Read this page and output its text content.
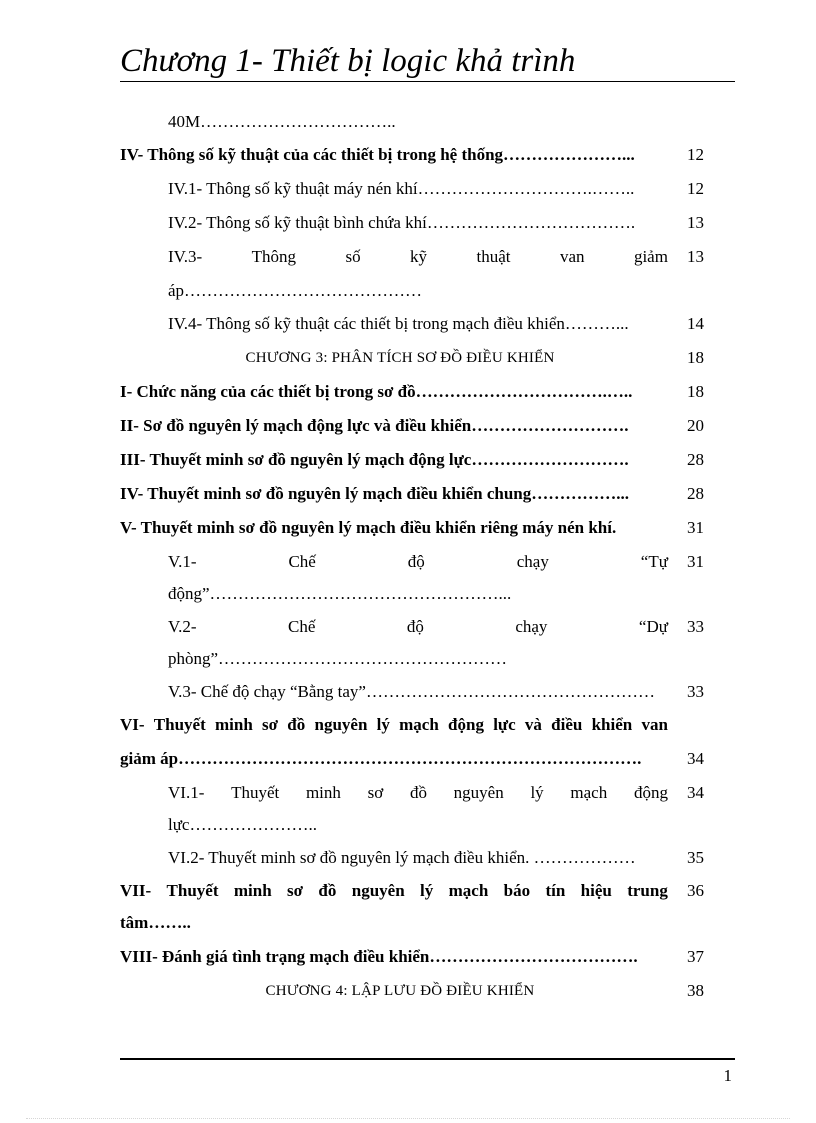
Chương 1- Thiết bị logic khả trình
40M……………………………..
IV- Thông số kỹ thuật của các thiết bị trong hệ thống…………………...	12
IV.1- Thông số kỹ thuật máy nén khí………………………….……..	12
IV.2- Thông số kỹ thuật bình chứa khí……………………………….	13
IV.3-	Thông	số	kỹ	thuật	van	giảm	13
áp……………………………………
IV.4- Thông số kỹ thuật các thiết bị trong mạch điều khiển………...	14
CHƯƠNG 3: PHÂN TÍCH SƠ ĐỒ ĐIỀU KHIỂN	18
I- Chức năng của các thiết bị trong sơ đồ…………………………….…..	18
II- Sơ đồ nguyên lý mạch động lực và điều khiển……………………….	20
III- Thuyết minh sơ đồ nguyên lý mạch động lực……………………….	28
IV- Thuyết minh sơ đồ nguyên lý mạch điều khiển chung……………...	28
V- Thuyết minh sơ đồ nguyên lý mạch điều khiển riêng máy nén khí.	31
V.1-	Chế	độ	chạy	“Tự	31
động”……………………………………………...
V.2-	Chế	độ	chạy	“Dự	33
phòng”……………………………………………
V.3- Chế độ chạy “Bằng tay”……………………………………………	33
VI- Thuyết minh sơ đồ nguyên lý mạch động lực và điều khiển van
giảm áp……………………………………………………………………….	34
VI.1- Thuyết minh sơ đồ nguyên lý mạch động	34
lực…………………..
VI.2- Thuyết minh sơ đồ nguyên lý mạch điều khiển. ………………	35
VII- Thuyết minh sơ đồ nguyên lý mạch báo tín hiệu trung	36
tâm……..
VIII- Đánh giá tình trạng mạch điều khiển……………………………….	37
CHƯƠNG 4: LẬP LƯU ĐỒ ĐIỀU KHIỂN	38
1
